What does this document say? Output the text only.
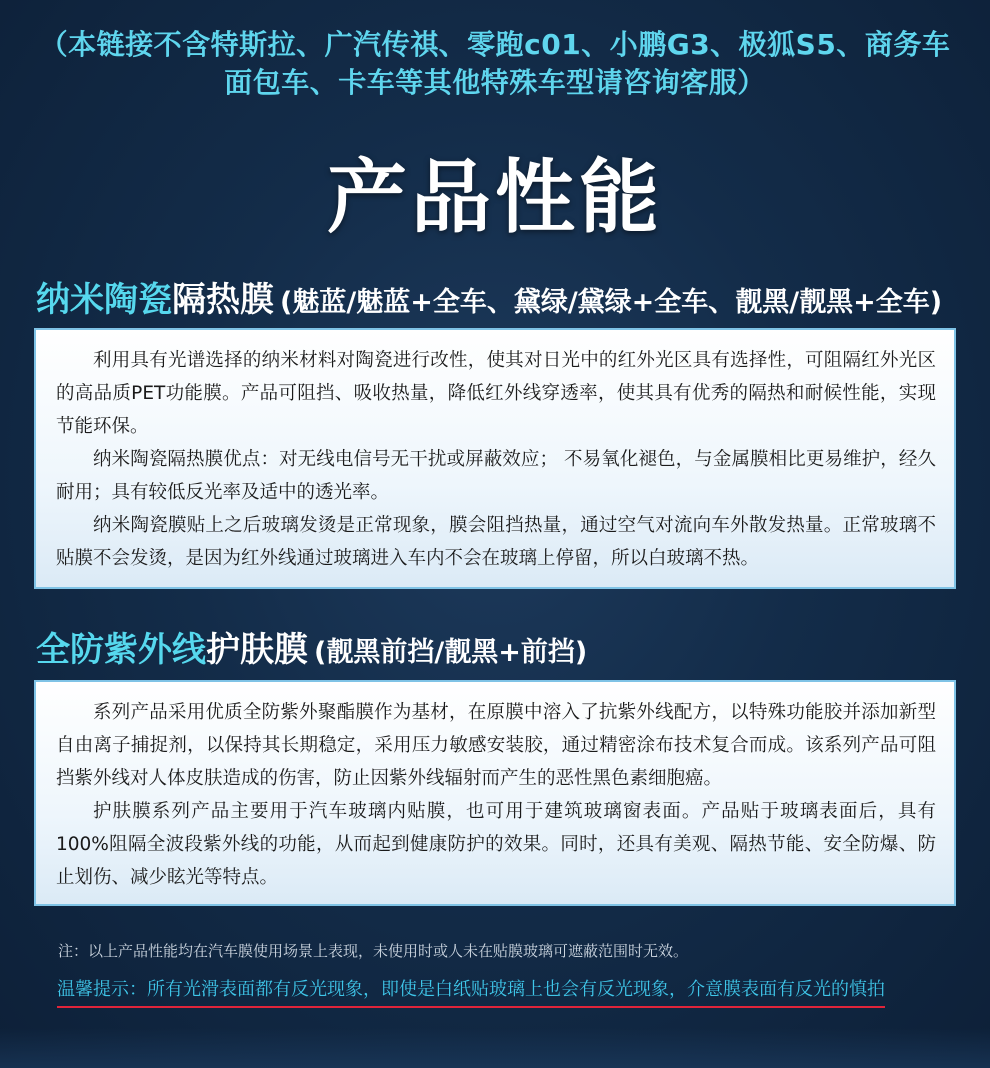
（本链接不含特斯拉、广汽传祺、零跑c01、小鹏G3、极狐S5、商务车
面包车、卡车等其他特殊车型请咨询客服）
产品性能
纳米陶瓷隔热膜 (魅蓝/魅蓝+全车、黛绿/黛绿+全车、靓黑/靓黑+全车)

利用具有光谱选择的纳米材料对陶瓷进行改性，使其对日光中的红外光区具有选择性，可阻隔红外光区的高品质PET功能膜。产品可阻挡、吸收热量，降低红外线穿透率，使其具有优秀的隔热和耐候性能，实现节能环保。

纳米陶瓷隔热膜优点：对无线电信号无干扰或屏蔽效应； 不易氧化褪色，与金属膜相比更易维护，经久耐用；具有较低反光率及适中的透光率。

纳米陶瓷膜贴上之后玻璃发烫是正常现象，膜会阻挡热量，通过空气对流向车外散发热量。正常玻璃不贴膜不会发烫，是因为红外线通过玻璃进入车内不会在玻璃上停留，所以白玻璃不热。

全防紫外线护肤膜 (靓黑前挡/靓黑+前挡)

系列产品采用优质全防紫外聚酯膜作为基材，在原膜中溶入了抗紫外线配方，以特殊功能胶并添加新型自由离子捕捉剂，以保持其长期稳定，采用压力敏感安装胶，通过精密涂布技术复合而成。该系列产品可阻挡紫外线对人体皮肤造成的伤害，防止因紫外线辐射而产生的恶性黑色素细胞癌。

护肤膜系列产品主要用于汽车玻璃内贴膜，也可用于建筑玻璃窗表面。产品贴于玻璃表面后，具有100%阻隔全波段紫外线的功能，从而起到健康防护的效果。同时，还具有美观、隔热节能、安全防爆、防止划伤、减少眩光等特点。

注：以上产品性能均在汽车膜使用场景上表现，未使用时或人未在贴膜玻璃可遮蔽范围时无效。
温馨提示：所有光滑表面都有反光现象，即使是白纸贴玻璃上也会有反光现象，介意膜表面有反光的慎拍
